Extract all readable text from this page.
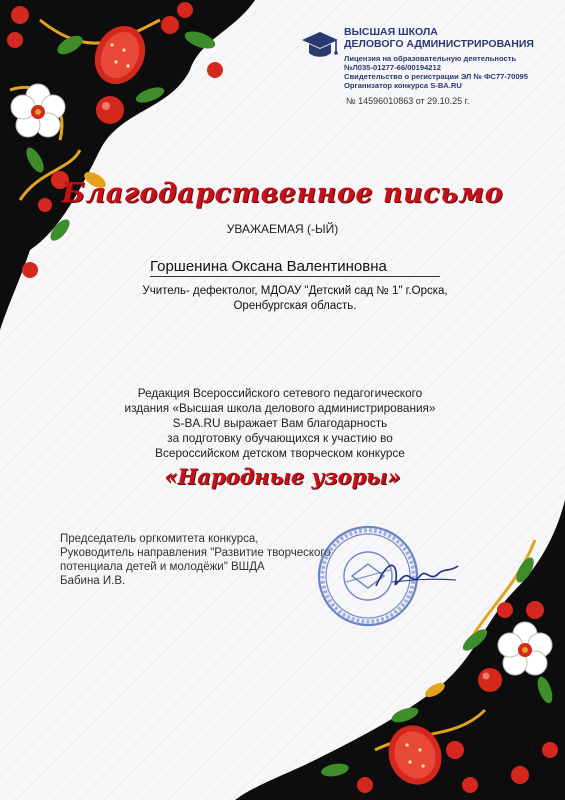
ВЫСШАЯ ШКОЛА
ДЕЛОВОГО АДМИНИСТРИРОВАНИЯ
Лицензия на образовательную деятельность
№Л035-01277-66/00194212
Свидетельство о регистрации ЭЛ № ФС77-70095
Организатор конкурса S-BA.RU
№ 14596010863 от 29.10.25 г.
Благодарственное письмо
УВАЖАЕМАЯ (-ЫЙ)
Горшенина Оксана Валентиновна
Учитель- дефектолог, МДОАУ "Детский сад № 1" г.Орска,
Оренбургская область.
Редакция Всероссийского сетевого педагогического
издания «Высшая школа делового администрирования»
S-BA.RU выражает Вам благодарность
за подготовку обучающихся к участию во
Всероссийском детском творческом конкурсе
«Народные узоры»
Председатель оргкомитета конкурса,
Руководитель направления "Развитие творческого
потенциала детей и молодёжи" ВШДА
Бабина И.В.
